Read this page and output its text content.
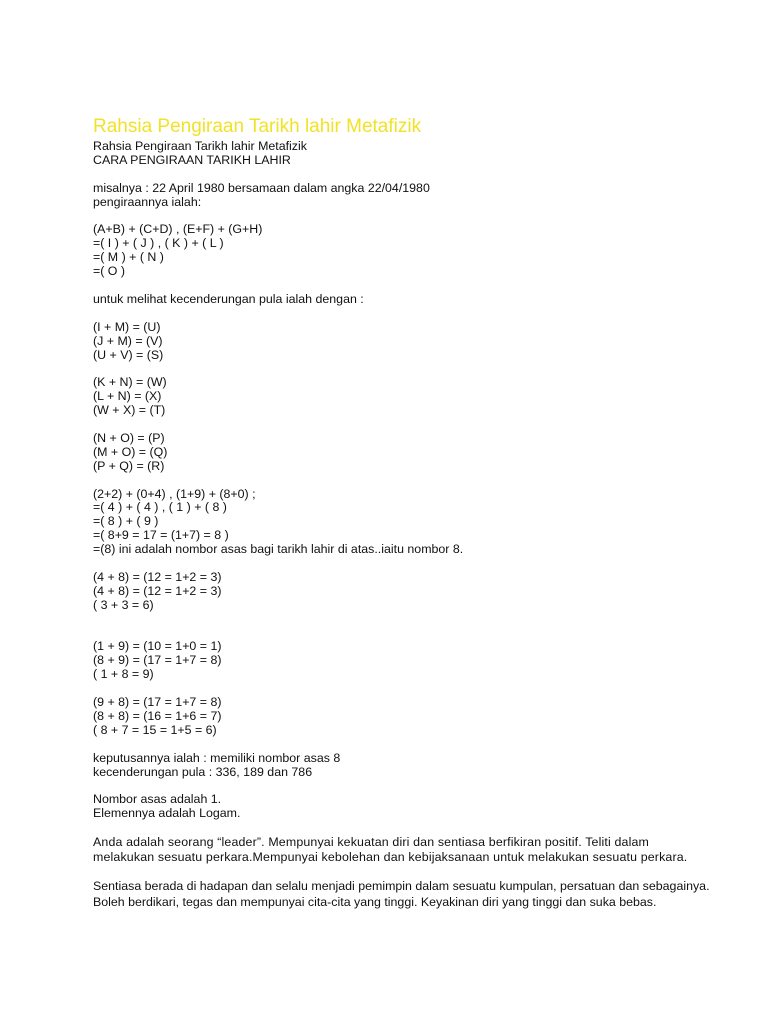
Rahsia Pengiraan Tarikh lahir Metafizik

Rahsia Pengiraan Tarikh lahir Metafizik

CARA PENGIRAAN TARIKH LAHIR

misalnya : 22 April 1980 bersamaan dalam angka 22/04/1980

pengiraannya ialah:

(A+B) + (C+D) , (E+F) + (G+H)

=( I ) + ( J ) , ( K ) + ( L )

=( M ) + ( N )

=( O )

untuk melihat kecenderungan pula ialah dengan :

(I + M) = (U)

(J + M) = (V)

(U + V) = (S)

(K + N) = (W)

(L + N) = (X)

(W + X) = (T)

(N + O) = (P)

(M + O) = (Q)

(P + Q) = (R)

(2+2) + (0+4) , (1+9) + (8+0) ;

=( 4 ) + ( 4 ) , ( 1 ) + ( 8 )

=( 8 ) + ( 9 )

=( 8+9 = 17 = (1+7) = 8 )

=(8) ini adalah nombor asas bagi tarikh lahir di atas..iaitu nombor 8.

(4 + 8) = (12 = 1+2 = 3)

(4 + 8) = (12 = 1+2 = 3)

( 3 + 3 = 6)

(1 + 9) = (10 = 1+0 = 1)

(8 + 9) = (17 = 1+7 = 8)

( 1 + 8 = 9)

(9 + 8) = (17 = 1+7 = 8)

(8 + 8) = (16 = 1+6 = 7)

( 8 + 7 = 15 = 1+5 = 6)

keputusannya ialah : memiliki nombor asas 8

kecenderungan pula : 336, 189 dan 786

Nombor asas adalah 1.

Elemennya adalah Logam.

Anda adalah seorang “leader”. Mempunyai kekuatan diri dan sentiasa berfikiran positif. Teliti dalam melakukan sesuatu perkara.Mempunyai kebolehan dan kebijaksanaan untuk melakukan sesuatu perkara.

Sentiasa berada di hadapan dan selalu menjadi pemimpin dalam sesuatu kumpulan, persatuan dan sebagainya. Boleh berdikari, tegas dan mempunyai cita-cita yang tinggi. Keyakinan diri yang tinggi dan suka bebas.
